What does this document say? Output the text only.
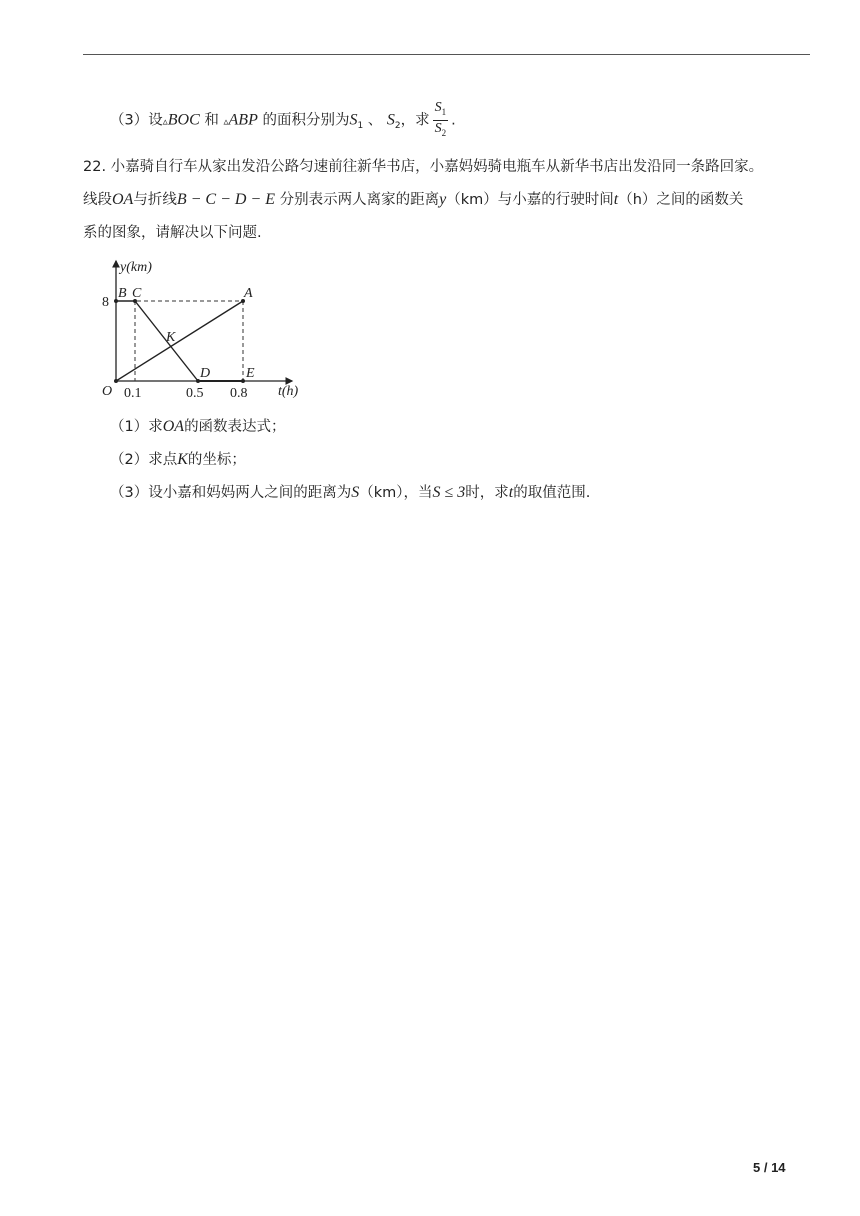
（3）设▵BOC 和 ▵ABP 的面积分别为$S_1$ 、 $S_2$，求 $\frac{S_1}{S_2}$ .
22. 小嘉骑自行车从家出发沿公路匀速前往新华书店，小嘉妈妈骑电瓶车从新华书店出发沿同一条路回家。
线段OA与折线B − C − D − E 分别表示两人离家的距离y（km）与小嘉的行驶时间t（h）之间的函数关
系的图象，请解决以下问题.
y(km)
t(h)
8
0.1	0.5 0.8
O
B C	A
K
D	E
（1）求OA的函数表达式；
（2）求点K的坐标；
（3）设小嘉和妈妈两人之间的距离为S（km），当S ≤ 3时，求t的取值范围.
5 / 14
